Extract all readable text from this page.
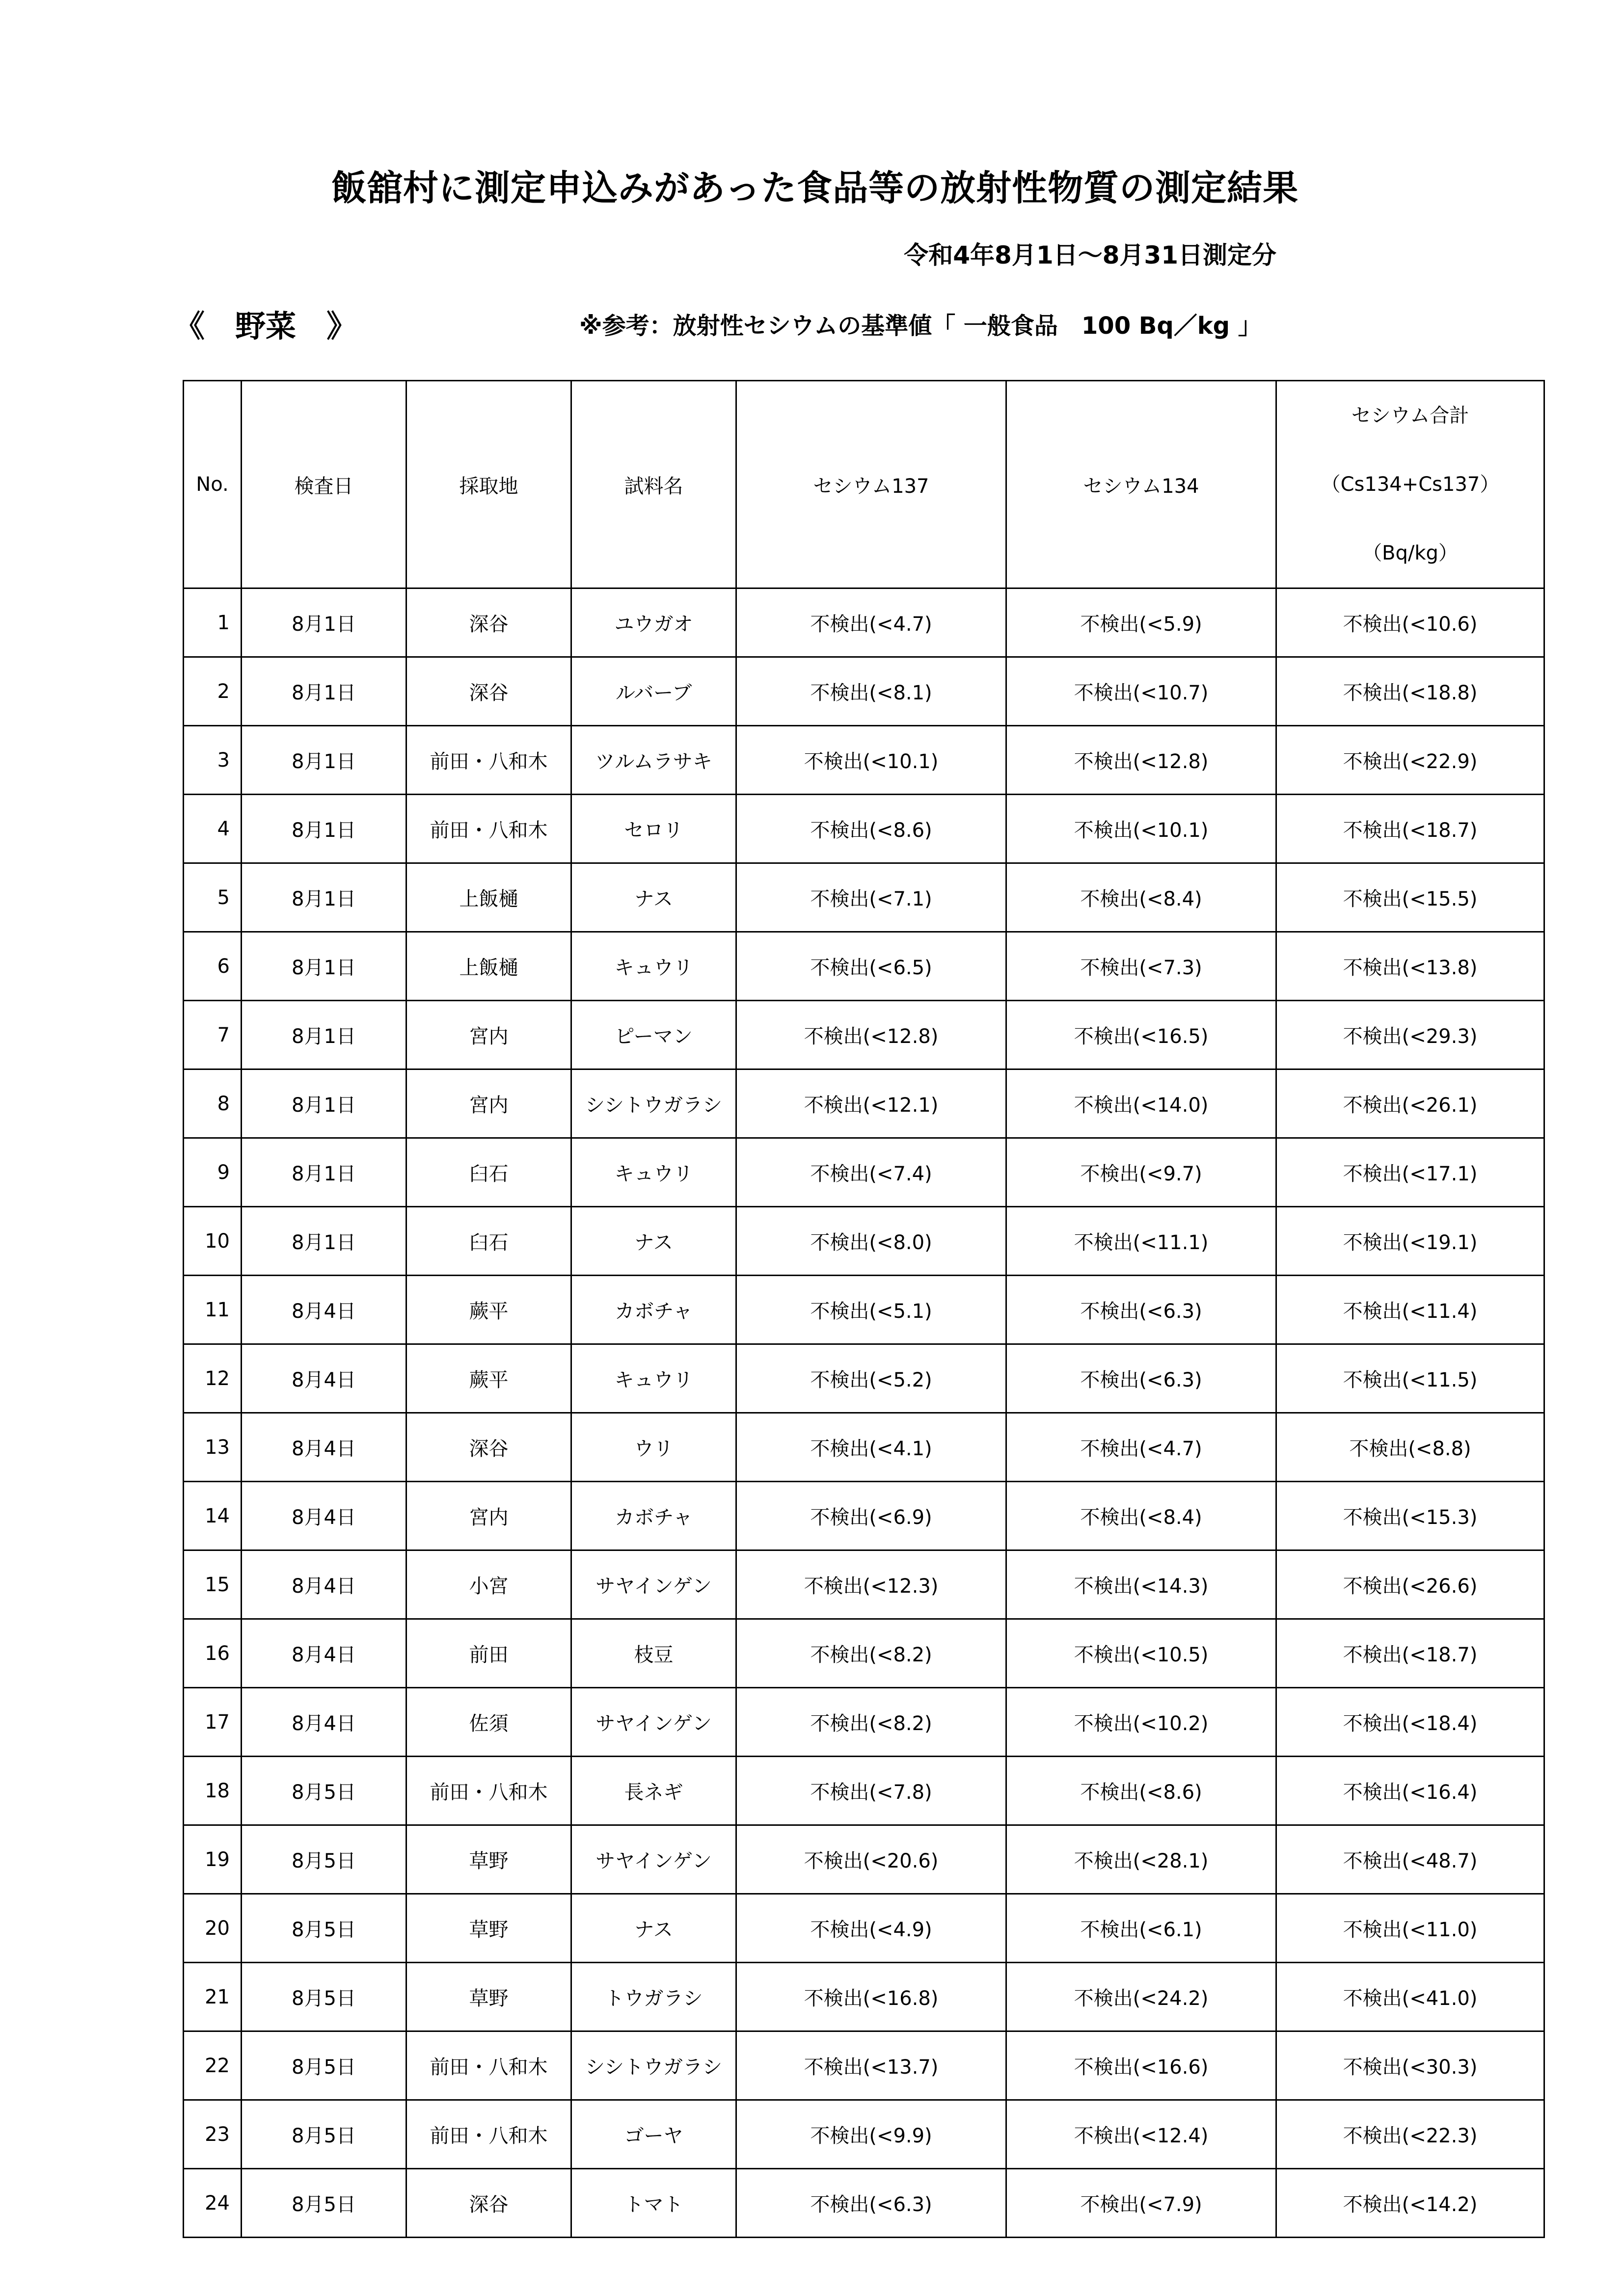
飯舘村に測定申込みがあった食品等の放射性物質の測定結果
令和4年8月1日～8月31日測定分
《　野菜　》	※参考：放射性セシウムの基準値「 一般食品　100 Bq／kg 」
No.	検査日	採取地	試料名	セシウム137	セシウム134	セシウム合計
（Cs134+Cs137）
（Bq/kg）

1	8月1日	深谷	ユウガオ	不検出(<4.7)	不検出(<5.9)	不検出(<10.6)
2	8月1日	深谷	ルバーブ	不検出(<8.1)	不検出(<10.7)	不検出(<18.8)
3	8月1日	前田・八和木	ツルムラサキ	不検出(<10.1)	不検出(<12.8)	不検出(<22.9)
4	8月1日	前田・八和木	セロリ	不検出(<8.6)	不検出(<10.1)	不検出(<18.7)
5	8月1日	上飯樋	ナス	不検出(<7.1)	不検出(<8.4)	不検出(<15.5)
6	8月1日	上飯樋	キュウリ	不検出(<6.5)	不検出(<7.3)	不検出(<13.8)
7	8月1日	宮内	ピーマン	不検出(<12.8)	不検出(<16.5)	不検出(<29.3)
8	8月1日	宮内	シシトウガラシ	不検出(<12.1)	不検出(<14.0)	不検出(<26.1)
9	8月1日	臼石	キュウリ	不検出(<7.4)	不検出(<9.7)	不検出(<17.1)
10	8月1日	臼石	ナス	不検出(<8.0)	不検出(<11.1)	不検出(<19.1)
11	8月4日	蕨平	カボチャ	不検出(<5.1)	不検出(<6.3)	不検出(<11.4)
12	8月4日	蕨平	キュウリ	不検出(<5.2)	不検出(<6.3)	不検出(<11.5)
13	8月4日	深谷	ウリ	不検出(<4.1)	不検出(<4.7)	不検出(<8.8)
14	8月4日	宮内	カボチャ	不検出(<6.9)	不検出(<8.4)	不検出(<15.3)
15	8月4日	小宮	サヤインゲン	不検出(<12.3)	不検出(<14.3)	不検出(<26.6)
16	8月4日	前田	枝豆	不検出(<8.2)	不検出(<10.5)	不検出(<18.7)
17	8月4日	佐須	サヤインゲン	不検出(<8.2)	不検出(<10.2)	不検出(<18.4)
18	8月5日	前田・八和木	長ネギ	不検出(<7.8)	不検出(<8.6)	不検出(<16.4)
19	8月5日	草野	サヤインゲン	不検出(<20.6)	不検出(<28.1)	不検出(<48.7)
20	8月5日	草野	ナス	不検出(<4.9)	不検出(<6.1)	不検出(<11.0)
21	8月5日	草野	トウガラシ	不検出(<16.8)	不検出(<24.2)	不検出(<41.0)
22	8月5日	前田・八和木	シシトウガラシ	不検出(<13.7)	不検出(<16.6)	不検出(<30.3)
23	8月5日	前田・八和木	ゴーヤ	不検出(<9.9)	不検出(<12.4)	不検出(<22.3)
24	8月5日	深谷	トマト	不検出(<6.3)	不検出(<7.9)	不検出(<14.2)
